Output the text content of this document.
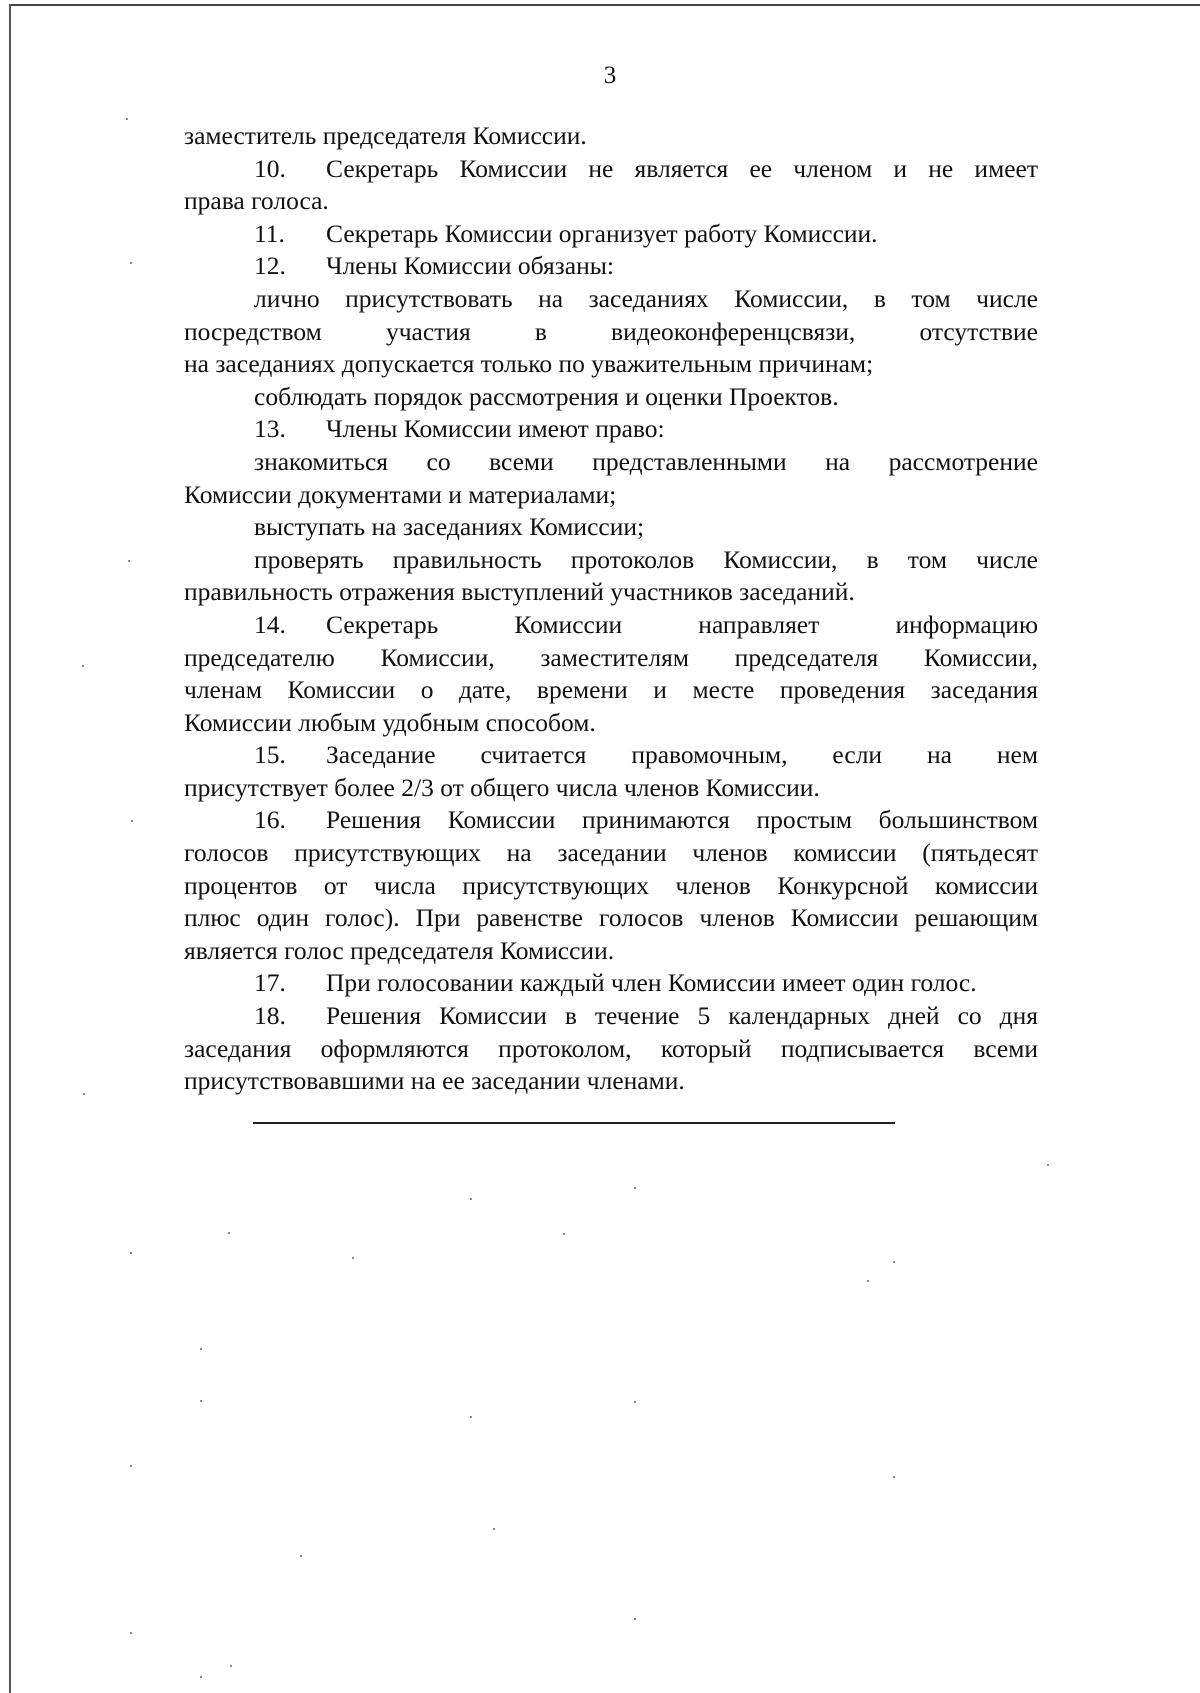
3
заместитель председателя Комиссии.
10. Секретарь Комиссии не является ее членом и не имеет
права голоса.
11. Секретарь Комиссии организует работу Комиссии.
12. Члены Комиссии обязаны:
лично присутствовать на заседаниях Комиссии, в том числе
посредством участия в видеоконференцсвязи, отсутствие
на заседаниях допускается только по уважительным причинам;
соблюдать порядок рассмотрения и оценки Проектов.
13. Члены Комиссии имеют право:
знакомиться со всеми представленными на рассмотрение
Комиссии документами и материалами;
выступать на заседаниях Комиссии;
проверять правильность протоколов Комиссии, в том числе
правильность отражения выступлений участников заседаний.
14. Секретарь Комиссии направляет информацию
председателю Комиссии, заместителям председателя Комиссии,
членам Комиссии о дате, времени и месте проведения заседания
Комиссии любым удобным способом.
15. Заседание считается правомочным, если на нем
присутствует более 2/3 от общего числа членов Комиссии.
16. Решения Комиссии принимаются простым большинством
голосов присутствующих на заседании членов комиссии (пятьдесят
процентов от числа присутствующих членов Конкурсной комиссии
плюс один голос). При равенстве голосов членов Комиссии решающим
является голос председателя Комиссии.
17. При голосовании каждый член Комиссии имеет один голос.
18. Решения Комиссии в течение 5 календарных дней со дня
заседания оформляются протоколом, который подписывается всеми
присутствовавшими на ее заседании членами.
